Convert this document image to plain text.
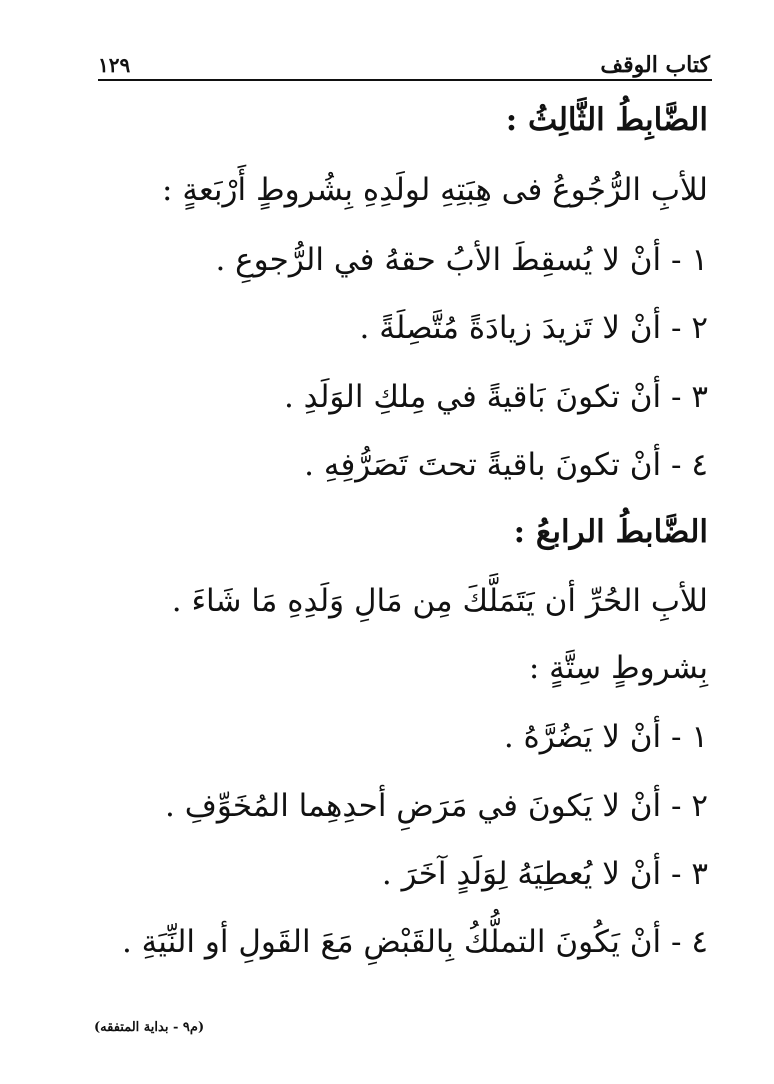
كتاب الوقف
١٢٩
الضَّابِطُ الثَّالِثُ :
للأبِ الرُّجُوعُ فى هِبَتِهِ لولَدِهِ بِشُروطٍ أَرْبَعةٍ :
١ - أنْ لا يُسقِطَ الأبُ حقهُ في الرُّجوعِ .
٢ - أنْ لا تَزيدَ زيادَةً مُتَّصِلَةً .
٣ - أنْ تكونَ بَاقيةً في مِلكِ الوَلَدِ .
٤ - أنْ تكونَ باقيةً تحتَ تَصَرُّفِهِ .
الضَّابطُ الرابعُ :
للأبِ الحُرِّ أن يَتَمَلَّكَ مِن مَالِ وَلَدِهِ مَا شَاءَ .
بِشروطٍ سِتَّةٍ :
١ - أنْ لا يَضُرَّهُ .
٢ - أنْ لا يَكونَ في مَرَضِ أحدِهِما المُخَوِّفِ .
٣ - أنْ لا يُعطِيَهُ لِوَلَدٍ آخَرَ .
٤ - أنْ يَكُونَ التملُّكُ بِالقَبْضِ مَعَ القَولِ أو النِّيَةِ .
(م٩ - بداية المتفقه)
